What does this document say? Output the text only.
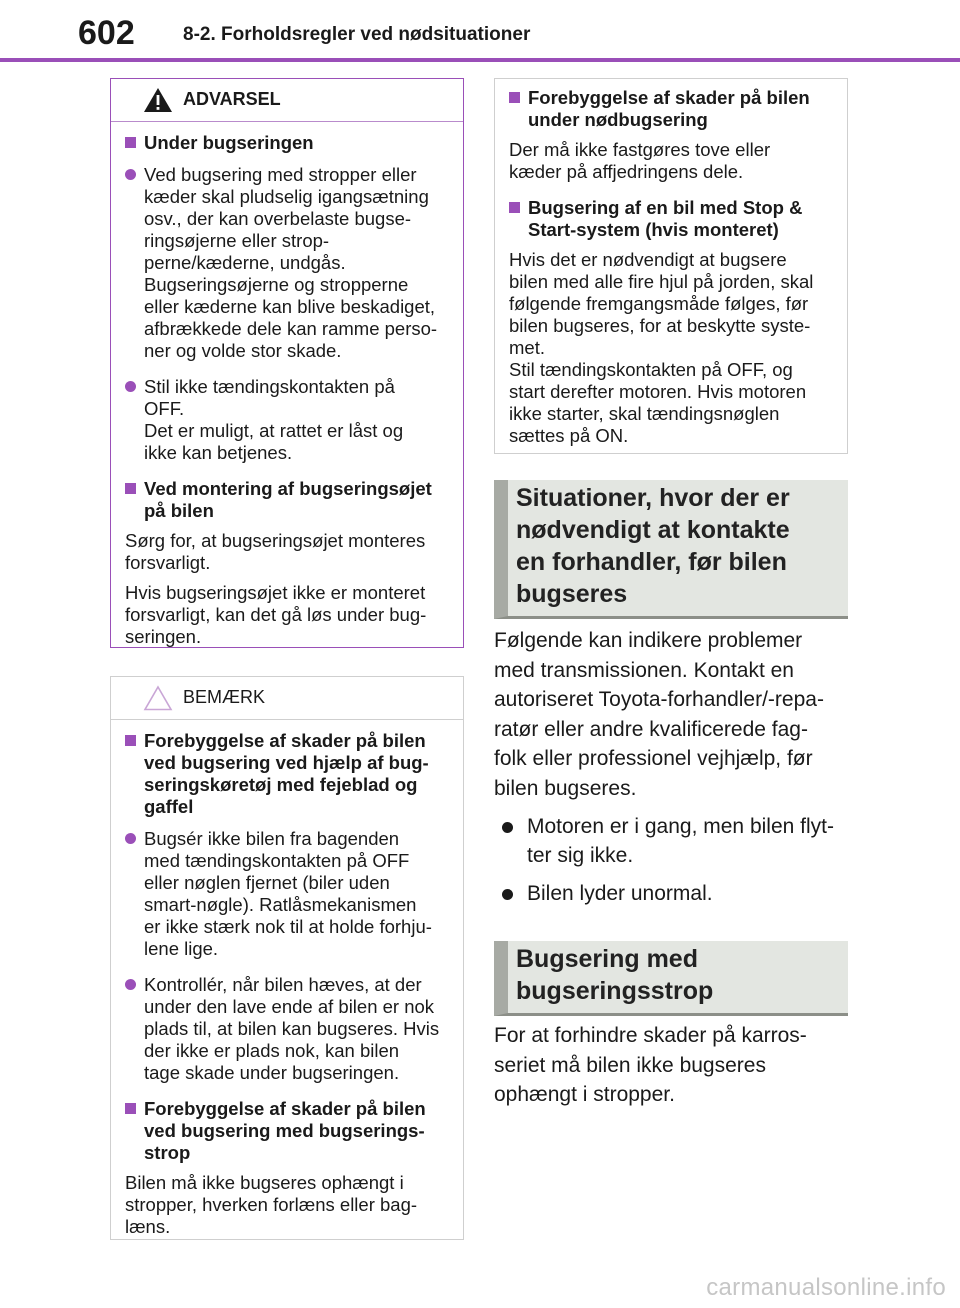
602	8-2. Forholdsregler ved nødsituationer
ADVARSEL
Under bugseringen
Ved bugsering med stropper eller
kæder skal pludselig igangsætning
osv., der kan overbelaste bugse-
ringsøjerne eller strop-
perne/kæderne, undgås.
Bugseringsøjerne og stropperne
eller kæderne kan blive beskadiget,
afbrækkede dele kan ramme perso-
ner og volde stor skade.
Stil ikke tændingskontakten på
OFF.
Det er muligt, at rattet er låst og
ikke kan betjenes.
Ved montering af bugseringsøjet
på bilen
Sørg for, at bugseringsøjet monteres
forsvarligt.
Hvis bugseringsøjet ikke er monteret
forsvarligt, kan det gå løs under bug-
seringen.
BEMÆRK
Forebyggelse af skader på bilen
ved bugsering ved hjælp af bug-
seringskøretøj med fejeblad og
gaffel
Bugsér ikke bilen fra bagenden
med tændingskontakten på OFF
eller nøglen fjernet (biler uden
smart-nøgle). Ratlåsmekanismen
er ikke stærk nok til at holde forhju-
lene lige.
Kontrollér, når bilen hæves, at der
under den lave ende af bilen er nok
plads til, at bilen kan bugseres. Hvis
der ikke er plads nok, kan bilen
tage skade under bugseringen.
Forebyggelse af skader på bilen
ved bugsering med bugserings-
strop
Bilen må ikke bugseres ophængt i
stropper, hverken forlæns eller bag-
læns.
Forebyggelse af skader på bilen
under nødbugsering
Der må ikke fastgøres tove eller
kæder på affjedringens dele.
Bugsering af en bil med Stop &
Start-system (hvis monteret)
Hvis det er nødvendigt at bugsere
bilen med alle fire hjul på jorden, skal
følgende fremgangsmåde følges, før
bilen bugseres, for at beskytte syste-
met.
Stil tændingskontakten på OFF, og
start derefter motoren. Hvis motoren
ikke starter, skal tændingsnøglen
sættes på ON.
Situationer, hvor der er
nødvendigt at kontakte
en forhandler, før bilen
bugseres
Følgende kan indikere problemer
med transmissionen. Kontakt en
autoriseret Toyota-forhandler/-repa-
ratør eller andre kvalificerede fag-
folk eller professionel vejhjælp, før
bilen bugseres.
Motoren er i gang, men bilen flyt-
ter sig ikke.
Bilen lyder unormal.
Bugsering med
bugseringsstrop
For at forhindre skader på karros-
seriet må bilen ikke bugseres
ophængt i stropper.
carmanualsonline.info
